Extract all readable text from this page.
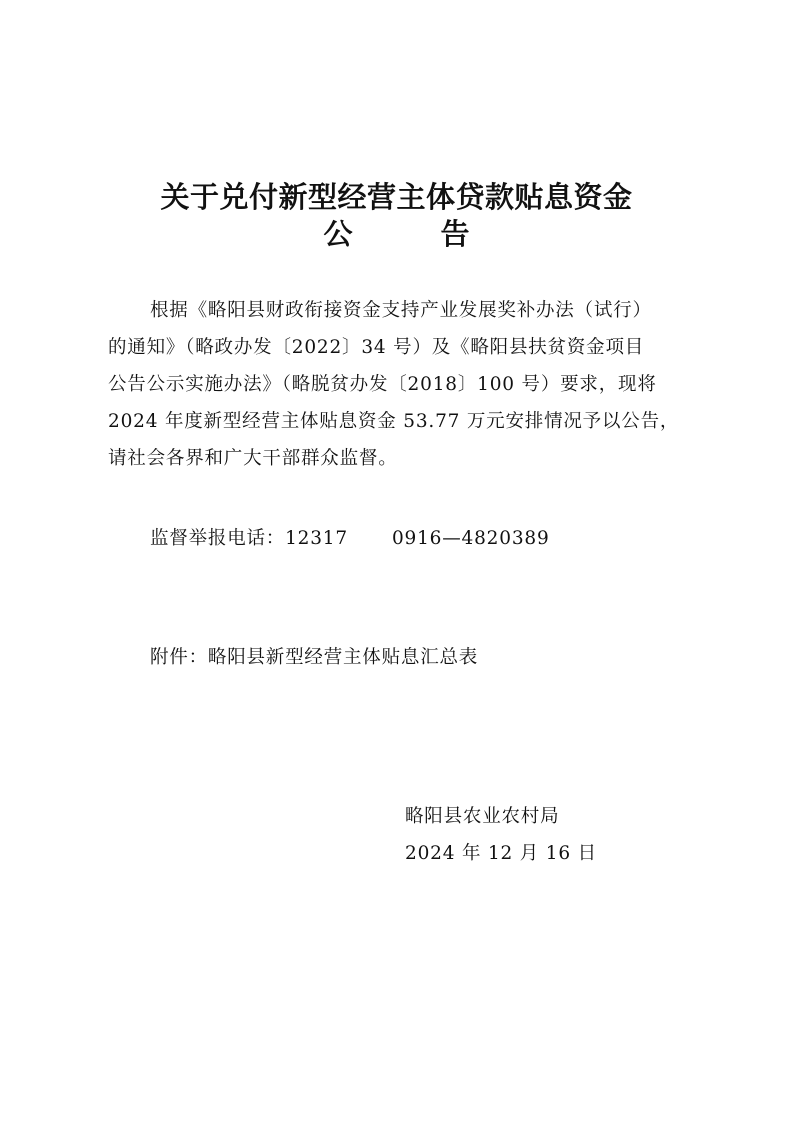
关于兑付新型经营主体贷款贴息资金
公	告
根据《略阳县财政衔接资金支持产业发展奖补办法（试行）
的通知》（略政办发〔2022〕34 号）及《略阳县扶贫资金项目
公告公示实施办法》（略脱贫办发〔2018〕100 号）要求，现将
2024 年度新型经营主体贴息资金 53.77 万元安排情况予以公告，
请社会各界和广大干部群众监督。
监督举报电话：12317 0916—4820389
附件：略阳县新型经营主体贴息汇总表
略阳县农业农村局
2024 年 12 月 16 日
